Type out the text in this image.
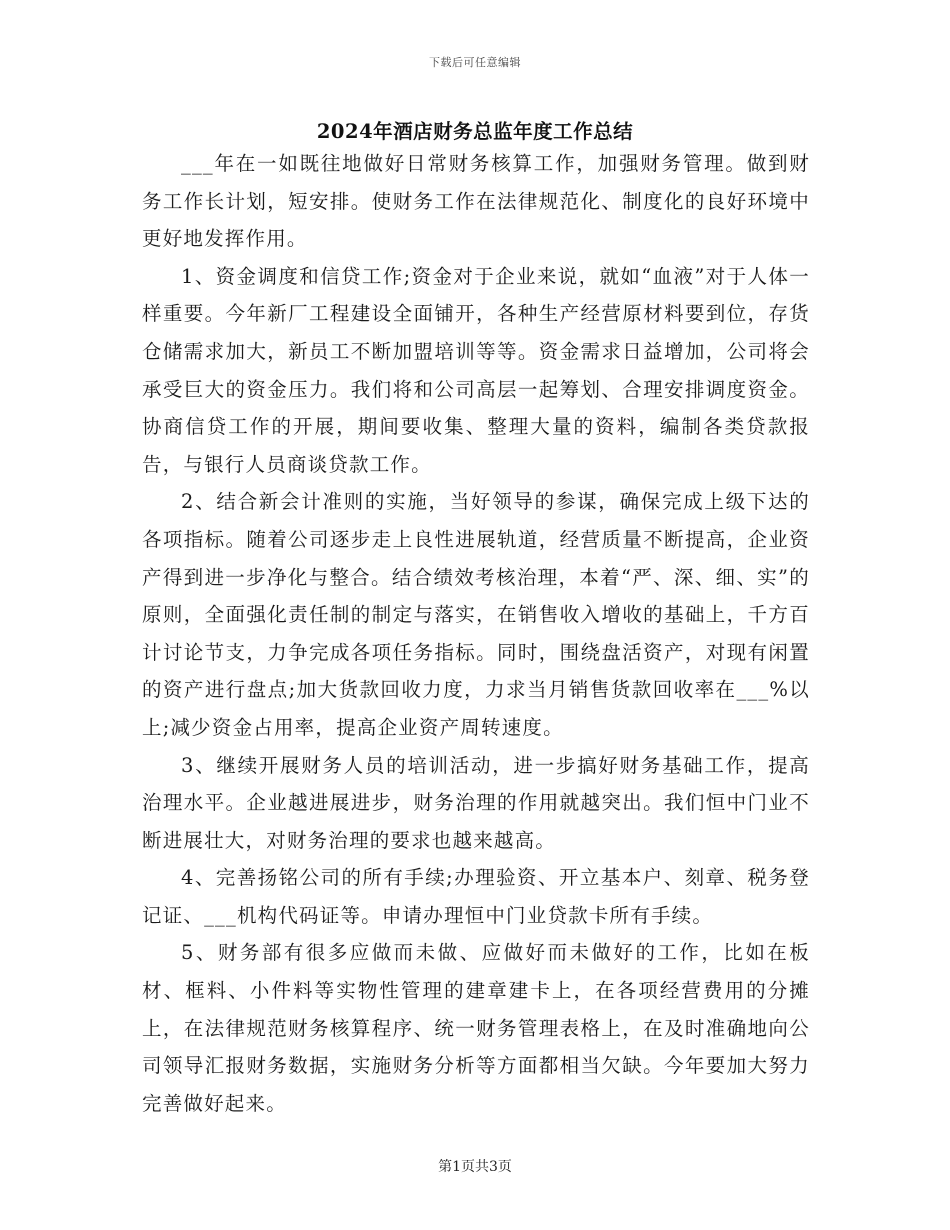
下载后可任意编辑
2024年酒店财务总监年度工作总结

___年在一如既往地做好日常财务核算工作，加强财务管理。做到财务工作长计划，短安排。使财务工作在法律规范化、制度化的良好环境中更好地发挥作用。

1、资金调度和信贷工作;资金对于企业来说，就如“血液”对于人体一样重要。今年新厂工程建设全面铺开，各种生产经营原材料要到位，存货仓储需求加大，新员工不断加盟培训等等。资金需求日益增加，公司将会承受巨大的资金压力。我们将和公司高层一起筹划、合理安排调度资金。协商信贷工作的开展，期间要收集、整理大量的资料，编制各类贷款报告，与银行人员商谈贷款工作。

2、结合新会计准则的实施，当好领导的参谋，确保完成上级下达的各项指标。随着公司逐步走上良性进展轨道，经营质量不断提高，企业资产得到进一步净化与整合。结合绩效考核治理，本着“严、深、细、实”的原则，全面强化责任制的制定与落实，在销售收入增收的基础上，千方百计讨论节支，力争完成各项任务指标。同时，围绕盘活资产，对现有闲置的资产进行盘点;加大货款回收力度，力求当月销售货款回收率在___%以上;减少资金占用率，提高企业资产周转速度。

3、继续开展财务人员的培训活动，进一步搞好财务基础工作，提高治理水平。企业越进展进步，财务治理的作用就越突出。我们恒中门业不断进展壮大，对财务治理的要求也越来越高。

4、完善扬铭公司的所有手续;办理验资、开立基本户、刻章、税务登记证、___机构代码证等。申请办理恒中门业贷款卡所有手续。

5、财务部有很多应做而未做、应做好而未做好的工作，比如在板材、框料、小件料等实物性管理的建章建卡上，在各项经营费用的分摊上，在法律规范财务核算程序、统一财务管理表格上，在及时准确地向公司领导汇报财务数据，实施财务分析等方面都相当欠缺。今年要加大努力完善做好起来。

第1页共3页
